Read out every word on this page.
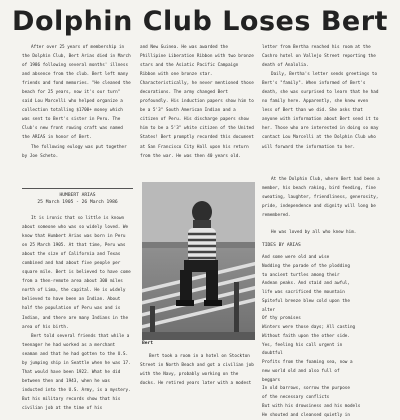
Dolphin Club Loses Bert

After over 25 years of membership in the Dolphin Club, Bert Arias died in March of 1986 following several months' illness and absence from the club. Bert left many friends and fond memories. "He cleaned the beach for 25 years, now it's our turn" said Lou Marcelli who helped organize a collection totalling $1700+ money which was sent to Bert's sister in Peru. The Club's new front rowing craft was named the ARIAS in honor of Bert.

The following eulogy was put together by Joe Scheto.

HUMBERT ARIAS
25 March 1905 - 26 March 1986

It is ironic that so little is known about someone who was so widely loved. We know that Humbert Arias was born in Peru on 25 March 1905. At that time, Peru was about the size of California and Texas combined and had about five people per square mile. Bert is believed to have come from a then-remote area about 300 miles north of Lima, the capital. He is widely believed to have been an Indian. About half the population of Peru was and is Indian, and there are many Indians in the area of his birth.

Bert told several friends that while a teenager he had worked as a merchant seaman and that he had gotten to the U.S. by jumping ship in Seattle when he was 17. That would have been 1922. What he did between then and 1943, when he was inducted into the U.S. Army, is a mystery. But his military records show that his civilian job at the time of his

and New Guinea. He was awarded the Phillipine Liberation Ribbon with two bronze stars and the Asiatic Pacific Campaign Ribbon with one bronze star. Characteristically, he never mentioned those decorations. The army changed Bert profoundly. His induction papers show him to be a 5'3" South American Indian and a citizen of Peru. His discharge papers show him to be a 5'3" white citizen of the United States! Bert promptly recorded this document at San Francisco City Hall upon his return from the war. He was then 40 years old.

Bert

Bert took a room in a hotel on Stockton Street in North Beach and got a civilian job with the Navy, probably working on the docks. He retired years later with a modest

letter from Bertha reached his room at the Cashro hotel on Vallejo Street reporting the death of Analolia.

Daily, Bertha's letter sends greetings to Bert's "family". When informed of Bert's death, she was surprised to learn that he had no family here. Apparently, she knew even less of Bert than we did. She asks that anyone with information about Bert send it to her. Those who are interested in doing so may contact Lou Marcelli at the Dolphin Club who will forward the information to her.

At the Dolphin Club, where Bert had been a member, his beach raking, bird feeding, fine sweating, laughter, friendliness, generosity, pride, independence and dignity will long be remembered.

He was loved by all who knew him.

TIDES BY ARIAS
And some were old and wise
Nodding the parade of the plodding
to ancient turtles among their
Andean peaks. And staid and awful,
life was sacrificed the mountain
Spiteful breeze blew cold upon the
alter
Of thy promises
Winters were those days; All casting
Without faith upon the other side.
Yes, feeling his call urgent in
doubtful
Profits from the foaming sea, now a
new world old and also full of
beggars
In old barrows, sorrow the purpose
of the necessary conflicts
But with his drowsiness and his models
He shouted and cleansed quietly in
